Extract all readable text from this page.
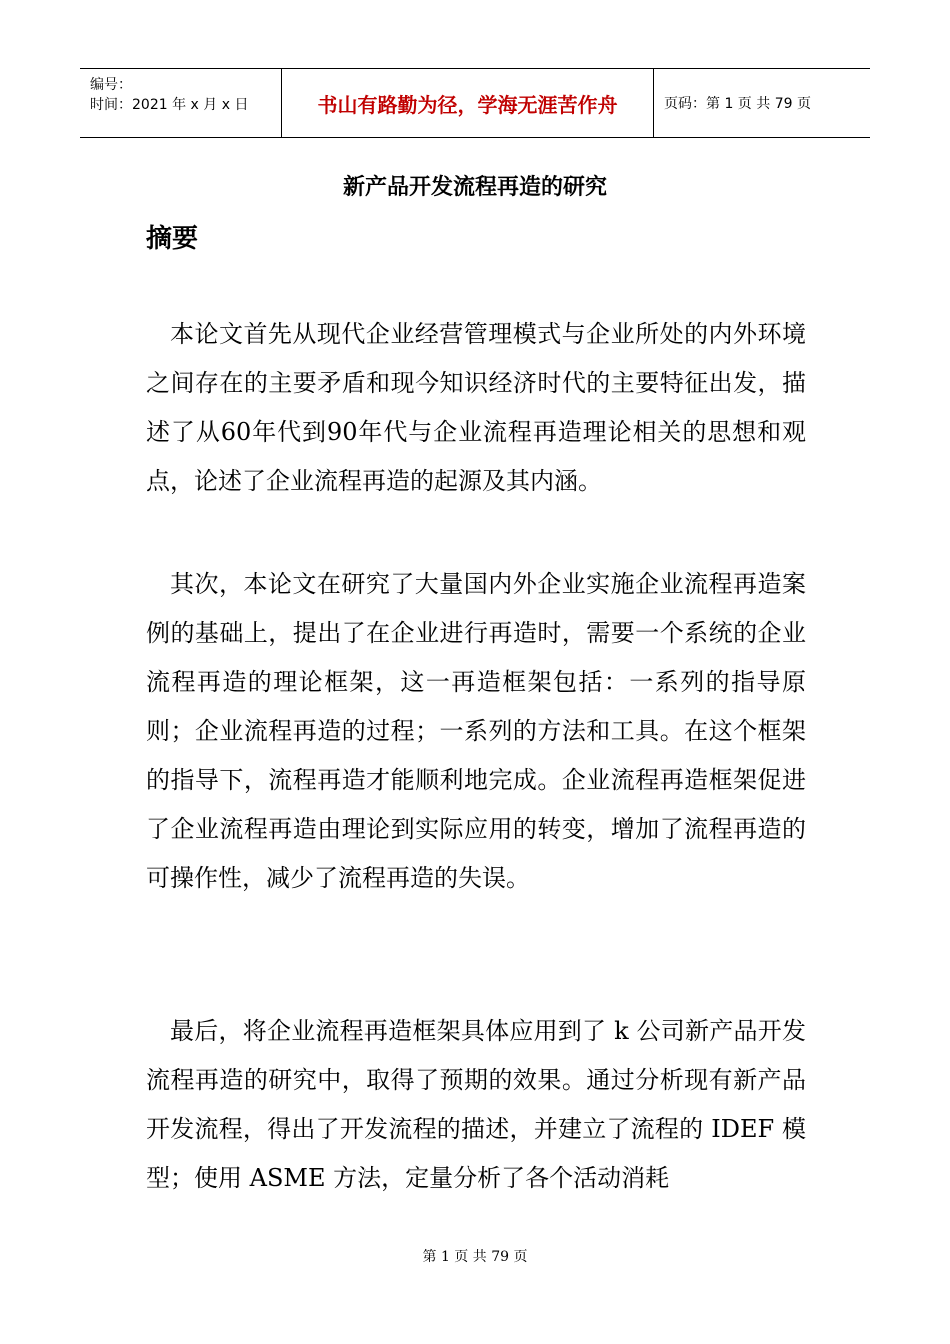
编号：
时间：2021 年 x 月 x 日	书山有路勤为径，学海无涯苦作舟	页码：第 1 页 共 79 页
新产品开发流程再造的研究
摘要

本论文首先从现代企业经营管理模式与企业所处的内外环境之间存在的主要矛盾和现今知识经济时代的主要特征出发，描述了从60年代到90年代与企业流程再造理论相关的思想和观点，论述了企业流程再造的起源及其内涵。

其次，本论文在研究了大量国内外企业实施企业流程再造案例的基础上，提出了在企业进行再造时，需要一个系统的企业流程再造的理论框架，这一再造框架包括：一系列的指导原则；企业流程再造的过程；一系列的方法和工具。在这个框架的指导下，流程再造才能顺利地完成。企业流程再造框架促进了企业流程再造由理论到实际应用的转变，增加了流程再造的可操作性，减少了流程再造的失误。

最后，将企业流程再造框架具体应用到了 k 公司新产品开发流程再造的研究中，取得了预期的效果。通过分析现有新产品开发流程，得出了开发流程的描述，并建立了流程的 IDEF 模型；使用 ASME 方法，定量分析了各个活动消耗

第 1 页 共 79 页
